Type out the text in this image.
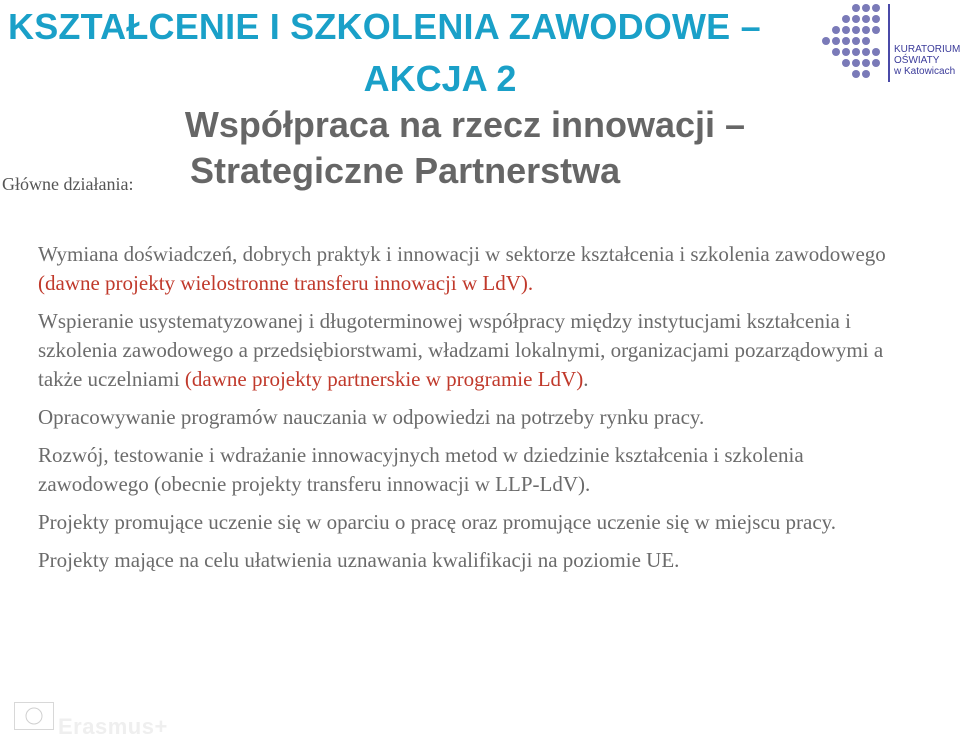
KSZTAŁCENIE I SZKOLENIA ZAWODOWE –
AKCJA 2
Współpraca na rzecz innowacji –
Główne działania: Strategiczne Partnerstwa
KURATORIUM
OŚWIATY
w Katowicach

Wymiana doświadczeń, dobrych praktyk i innowacji w sektorze kształcenia i szkolenia zawodowego (dawne projekty wielostronne transferu innowacji w LdV).

Wspieranie usystematyzowanej i długoterminowej współpracy między instytucjami kształcenia i szkolenia zawodowego a przedsiębiorstwami, władzami lokalnymi, organizacjami pozarządowymi a także uczelniami (dawne projekty partnerskie w programie LdV).

Opracowywanie programów nauczania w odpowiedzi na potrzeby rynku pracy.

Rozwój, testowanie i wdrażanie innowacyjnych metod w dziedzinie kształcenia i szkolenia zawodowego (obecnie projekty transferu innowacji w LLP-LdV).

Projekty promujące uczenie się w oparciu o pracę oraz promujące uczenie się w miejscu pracy.

Projekty mające na celu ułatwienia uznawania kwalifikacji na poziomie UE.

Erasmus+
